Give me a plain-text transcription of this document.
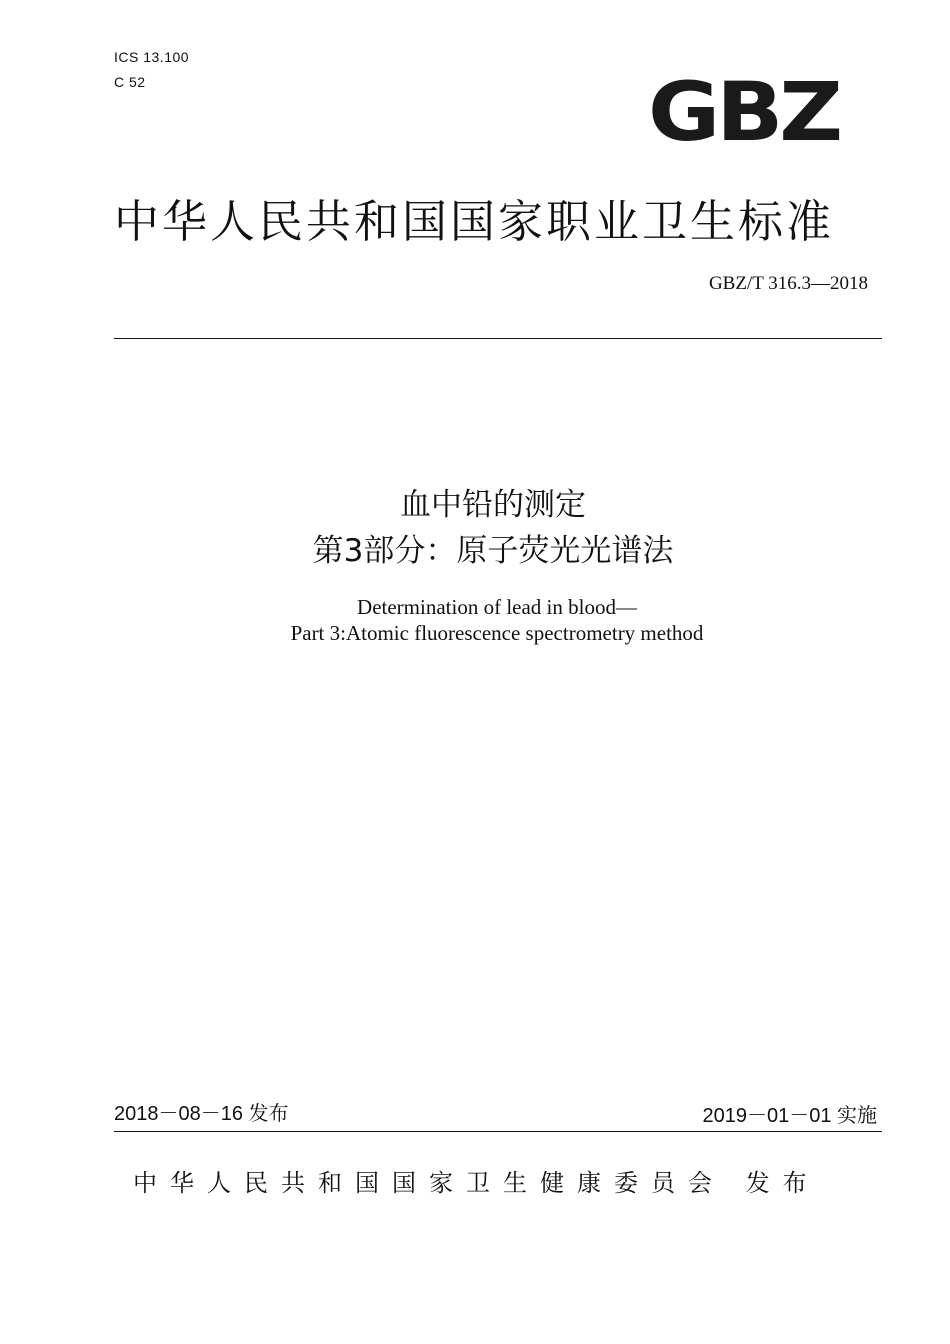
ICS 13.100
C 52	GBZ
中华人民共和国国家职业卫生标准
GBZ/T 316.3—2018
血中铅的测定
第3部分：原子荧光光谱法
Determination of lead in blood—
Part 3:Atomic fluorescence spectrometry method
2018－08－16 发布	2019－01－01 实施
中华人民共和国国家卫生健康委员会 发布
